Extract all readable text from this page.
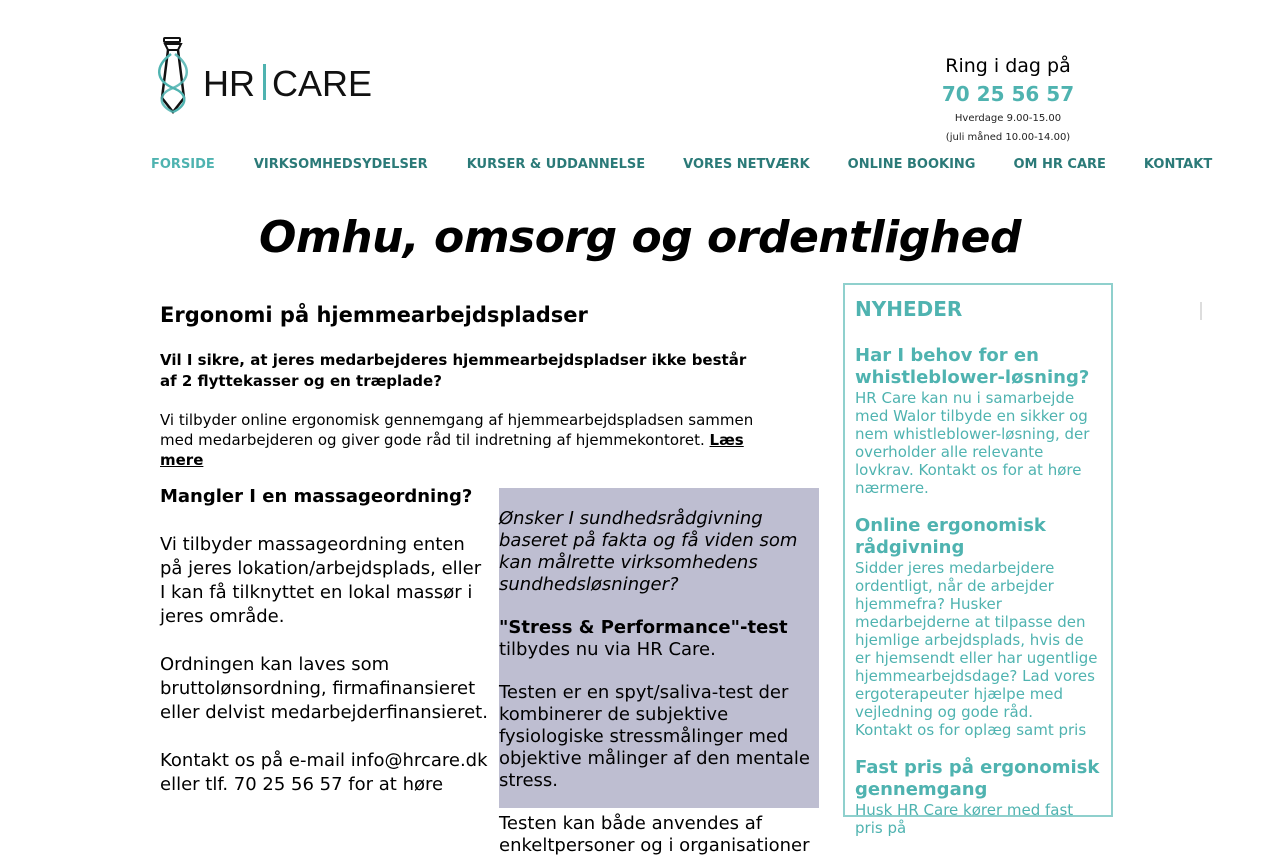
HR CARE	Ring i dag på
70 25 56 57
Hverdage 9.00-15.00
(juli måned 10.00-14.00)
FORSIDE	VIRKSOMHEDSYDELSER	KURSER & UDDANNELSE	VORES NETVÆRK	ONLINE BOOKING	OM HR CARE	KONTAKT
Omhu, omsorg og ordentlighed
Ergonomi på hjemmearbejdspladser

Vil I sikre, at jeres medarbejderes hjemmearbejdspladser ikke består af 2 flyttekasser og en træplade?

Vi tilbyder online ergonomisk gennemgang af hjemmearbejdspladsen sammen med medarbejderen og giver gode råd til indretning af hjemmekontoret. Læs mere

Mangler I en massageordning?

Vi tilbyder massageordning enten på jeres lokation/arbejdsplads, eller I kan få tilknyttet en lokal massør i jeres område.

Ordningen kan laves som bruttolønsordning, firmafinansieret eller delvist medarbejderfinansieret.

Kontakt os på e-mail info@hrcare.dk eller tlf. 70 25 56 57 for at høre

Ønsker I sundhedsrådgivning baseret på fakta og få viden som kan målrette virksomhedens sundhedsløsninger?

"Stress & Performance"-test

tilbydes nu via HR Care.

Testen er en spyt/saliva-test der kombinerer de subjektive fysiologiske stressmålinger med objektive målinger af den mentale stress.

Testen kan både anvendes af enkeltpersoner og i organisationer

NYHEDER
Har I behov for en whistleblower-løsning?

HR Care kan nu i samarbejde med Walor tilbyde en sikker og nem whistleblower-løsning, der overholder alle relevante lovkrav. Kontakt os for at høre nærmere.

Online ergonomisk rådgivning

Sidder jeres medarbejdere ordentligt, når de arbejder hjemmefra? Husker medarbejderne at tilpasse den hjemlige arbejdsplads, hvis de er hjemsendt eller har ugentlige hjemmearbejdsdage? Lad vores ergoterapeuter hjælpe med vejledning og gode råd.

Kontakt os for oplæg samt pris

Fast pris på ergonomisk gennemgang

Husk HR Care kører med fast pris på
